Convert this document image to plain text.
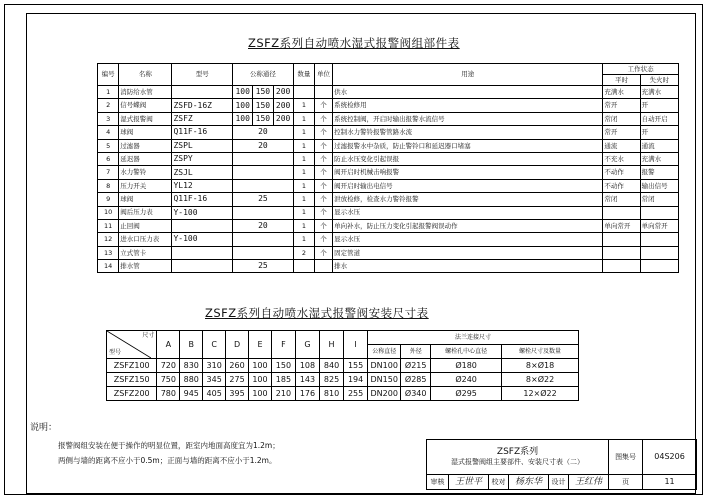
ZSFZ系列自动喷水湿式报警阀组部件表
编号	名称	型号	公称通径			数量	单位	用途	工作状态	
									平时	失火时
1	消防给水管		100	150	200			供水	充满水	充满水
2	信号蝶阀	ZSFD-16Z	100	150	200	1	个	系统检修用	常开	开
3	湿式报警阀	ZSFZ	100	150	200	1	个	系统控制阀，开启时输出报警水流信号	常闭	自动开启
4	球阀	Q11F-16	20			1	个	控制水力警铃报警管路水流	常开	开
5	过滤器	ZSPL	20			1	个	过滤报警水中杂质，防止警铃口和延迟器口堵塞	通流	通流
6	延迟器	ZSPY				1	个	防止水压变化引起误报	不充水	充满水
7	水力警铃	ZSJL				1	个	阀开启时机械击响报警	不动作	报警
8	压力开关	YL12				1	个	阀开启时输出电信号	不动作	输出信号
9	球阀	Q11F-16	25			1	个	泄放检修，检查水力警铃报警	常闭	常闭
10	阀后压力表	Y-100				1	个	显示水压		
11	止回阀		20			1	个	单向补水，防止压力变化引起报警阀误动作	单向常开	单向常开
12	进水口压力表	Y-100				1	个	显示水压		
13	立式管卡					2	个	固定管道		
14	排水管		25					排水		
ZSFZ系列自动喷水湿式报警阀安装尺寸表
尺寸
型号	A	B	C	D	E	F	G	H	I	法兰连接尺寸			
										公称直径	外径	螺栓孔中心直径	螺栓尺寸及数量
ZSFZ100	720	830	310	260	100	150	108	840	155	DN100	Ø215	Ø180	8×Ø18
ZSFZ150	750	880	345	275	100	185	143	825	194	DN150	Ø285	Ø240	8×Ø22
ZSFZ200	780	945	405	395	100	210	176	810	255	DN200	Ø340	Ø295	12×Ø22
说明：
报警阀组安装在便于操作的明显位置，距室内地面高度宜为1.2m；
两侧与墙的距离不应小于0.5m；正面与墙的距离不应小于1.2m。
ZSFZ系列
湿式报警阀组主要部件、安装尺寸表（二）						图集号	04S206
审核	王世平	校对	杨东华	设计	王红伟	页	11
